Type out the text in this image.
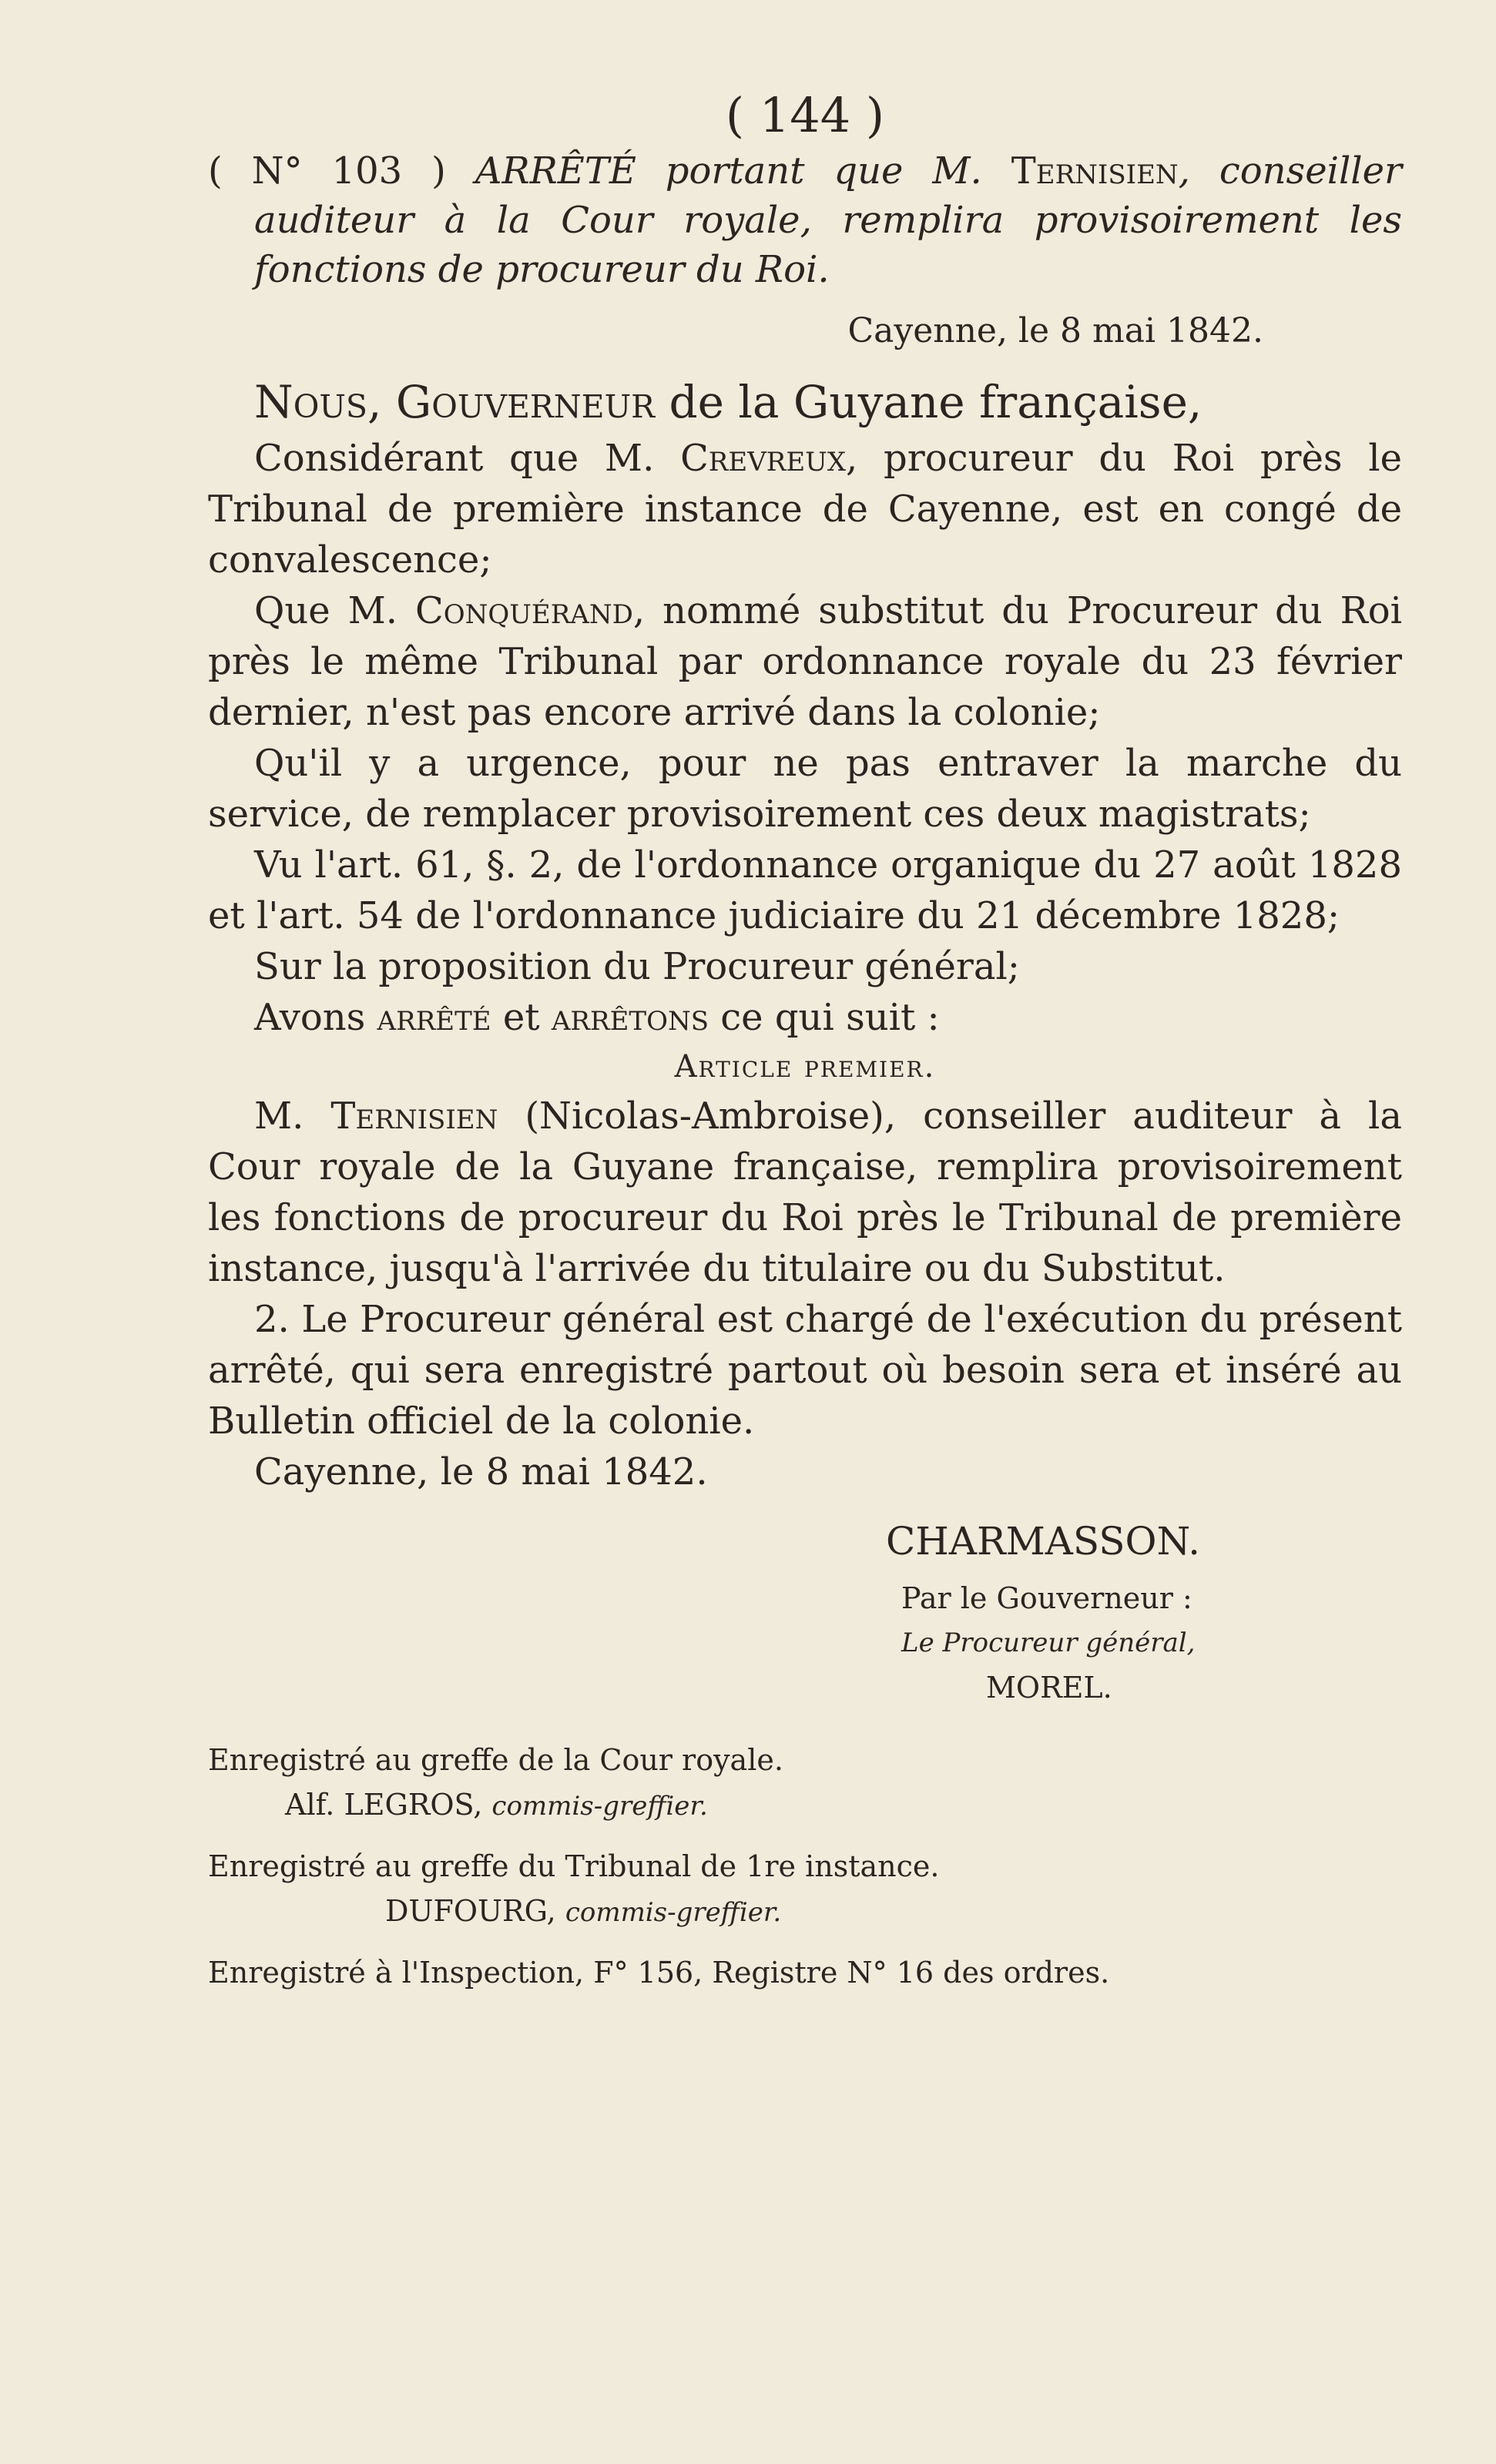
( 144 )
( N° 103 ) ARRÊTÉ portant que M. Ternisien, conseiller auditeur à la Cour royale, remplira provisoirement les fonctions de procureur du Roi.
Cayenne, le 8 mai 1842.
Nous, Gouverneur de la Guyane française,
Considérant que M. Crevreux, procureur du Roi près le Tribunal de première instance de Cayenne, est en congé de convalescence;
Que M. Conquérand, nommé substitut du Procureur du Roi près le même Tribunal par ordonnance royale du 23 février dernier, n'est pas encore arrivé dans la colonie;
Qu'il y a urgence, pour ne pas entraver la marche du service, de remplacer provisoirement ces deux magistrats;
Vu l'art. 61, §. 2, de l'ordonnance organique du 27 août 1828 et l'art. 54 de l'ordonnance judiciaire du 21 décembre 1828;
Sur la proposition du Procureur général;
Avons arrêté et arrêtons ce qui suit :
Article premier.
M. Ternisien (Nicolas-Ambroise), conseiller auditeur à la Cour royale de la Guyane française, remplira provisoirement les fonctions de procureur du Roi près le Tribunal de première instance, jusqu'à l'arrivée du titulaire ou du Substitut.
2. Le Procureur général est chargé de l'exécution du présent arrêté, qui sera enregistré partout où besoin sera et inséré au Bulletin officiel de la colonie.
Cayenne, le 8 mai 1842.
CHARMASSON.
Par le Gouverneur :
Le Procureur général,
MOREL.
Enregistré au greffe de la Cour royale.
Alf. LEGROS, commis-greffier.
Enregistré au greffe du Tribunal de 1re instance.
DUFOURG, commis-greffier.
Enregistré à l'Inspection, F° 156, Registre N° 16 des ordres.
